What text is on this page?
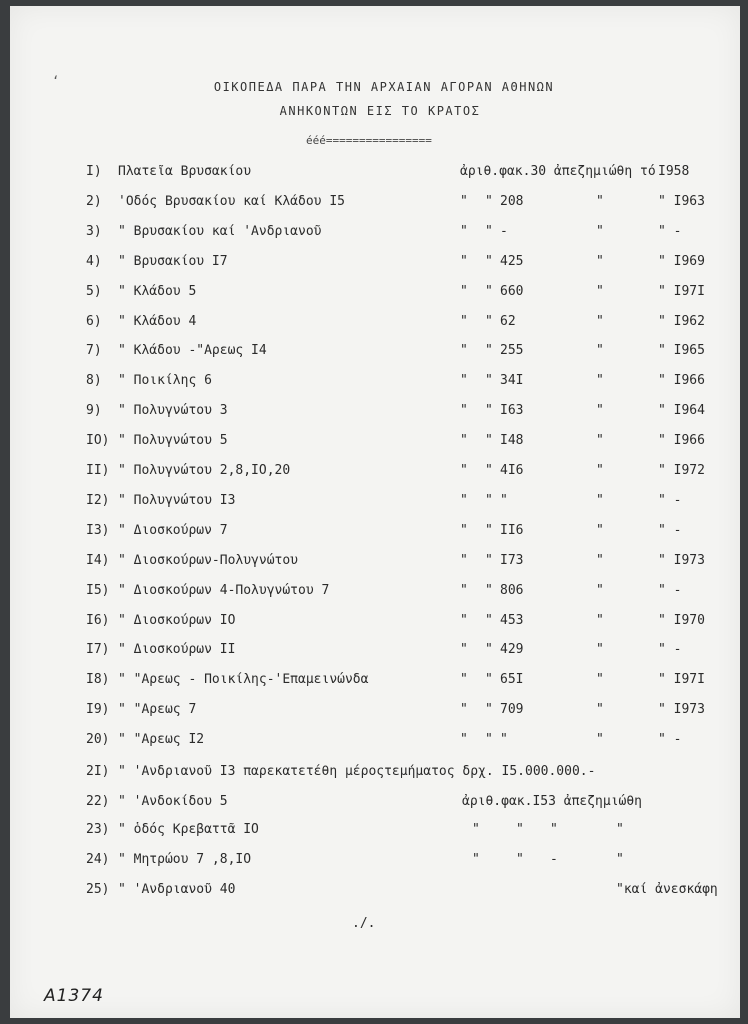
ʻ	ΟΙΚΟΠΕΔΑ ΠΑΡΑ ΤΗΝ ΑΡΧΑΙΑΝ ΑΓΟΡΑΝ ΑΘΗΝΩΝ
ΑΝΗΚΟΝΤΩΝ ΕΙΣ ΤΟ ΚΡΑΤΟΣ
ééé================
I) Πλατεῖα Βρυσακίου	ἀριθ.φακ.30 ἀπεζημιώθη τό I958
2) 'Οδός Βρυσακίου καί Κλάδου I5	" " 208	"	" I963
3) " Βρυσακίου καί 'Ανδριανοῦ	" " -	"	" -
4) " Βρυσακίου I7	" " 425	"	" I969
5) " Κλάδου 5	" " 660	"	" I97I
6) " Κλάδου 4	" " 62	"	" I962
7) " Κλάδου -"Αρεως I4	" " 255	"	" I965
8) " Ποικίλης 6	" " 34I	"	" I966
9) " Πολυγνώτου 3	" " I63	"	" I964
IO) " Πολυγνώτου 5	" " I48	"	" I966
II) " Πολυγνώτου 2,8,IO,20	" " 4I6	"	" I972
I2) " Πολυγνώτου I3	" " "	"	" -
I3) " Διοσκούρων 7	" " II6	"	" -
I4) " Διοσκούρων-Πολυγνώτου	" " I73	"	" I973
I5) " Διοσκούρων 4-Πολυγνώτου 7	" " 806	"	" -
I6) " Διοσκούρων IO	" " 453	"	" I970
I7) " Διοσκούρων II	" " 429	"	" -
I8) " "Αρεως - Ποικίλης-'Επαμεινώνδα	" " 65I	"	" I97I
I9) " "Αρεως 7	" " 709	"	" I973
20) " "Αρεως I2	" " "	"	" -
2I) " 'Ανδριανοῦ I3 παρεκατετέθη μέροςτεμήματος δρχ. I5.000.000.-
22) " 'Ανδοκίδου 5	ἀριθ.φακ.I53 ἀπεζημιώθη
23) " ὁδός Κρεβαττᾶ IO	"	" "	"
24) " Μητρώου 7 ,8,IO	"	" -	"
25) " 'Ανδριανοῦ 40	"καί ἀνεσκάφη
./.
A1374
